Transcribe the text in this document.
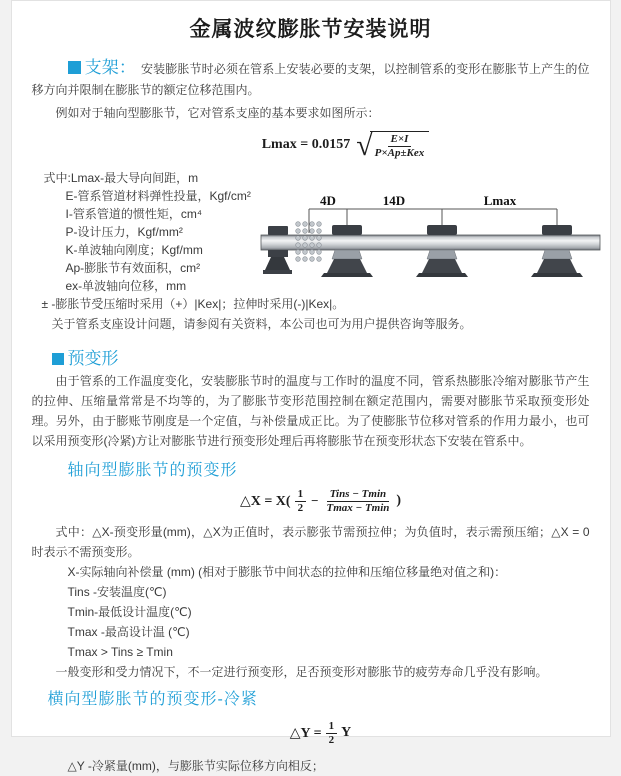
金属波纹膨胀节安装说明

支架： 安装膨胀节时必须在管系上安装必要的支架，以控制管系的变形在膨胀节上产生的位移方向并限制在膨胀节的额定位移范围内。

例如对于轴向型膨胀节，它对管系支座的基本要求如图所示：

Lmax = 0.0157 √ $\frac{E\times I}{\text{P×Ap±Kex}}$
式中:Lmax-最大导向间距，m
E-管系管道材料弹性投量，Kgf/cm²
I-管系管道的惯性矩，cm⁴
P-设计压力，Kgf/mm²
K-单波轴向刚度；Kgf/mm
Ap-膨胀节有效面积，cm²
ex-单波轴向位移，mm
± -膨胀节受压缩时采用（+）|Kex|；拉伸时采用(-)|Kex|。
关于管系支座设计问题，请参阅有关资料，本公司也可为用户提供咨询等服务。
4D	14D	Lmax
预变形

由于管系的工作温度变化，安装膨胀节时的温度与工作时的温度不同，管系热膨胀冷缩对膨胀节产生的拉伸、压缩量常常是不均等的，为了膨胀节变形范围控制在额定范围内，需要对膨胀节采取预变形处理。另外，由于膨账节刚度是一个定值，与补偿量成正比。为了使膨胀节位移对管系的作用力最小，也可以采用预变形(冷紧)方让对膨胀节进行预变形处理后再将膨胀节在预变形状态下安装在管系中。

轴向型膨胀节的预变形
△X = $X( \frac{1}{2} - \frac{\text{Tins − Tmin}}{Tmax - Tmin}$ )

式中：△X-预变形量(mm)，△X为正值时，表示膨张节需预拉伸；为负值时，表示需预压缩；△X = 0时表示不需预变形。

X-实际轴向补偿量 (mm) (相对于膨胀节中间状态的拉伸和压缩位移量绝对值之和)：
Tins -安装温度(℃)
Tmin-最低设计温度(℃)
Tmax -最高设计温 (℃)
Tmax > Tins ≥ Tmin

一般变形和受力情况下，不一定进行预变形，足否预变形对膨胀节的疲劳寿命几乎没有影响。

横向型膨胀节的预变形-冷紧
△Y = $\frac{1}{2}$ Y

△Y -冷紧量(mm)，与膨胀节实际位移方向相反；
